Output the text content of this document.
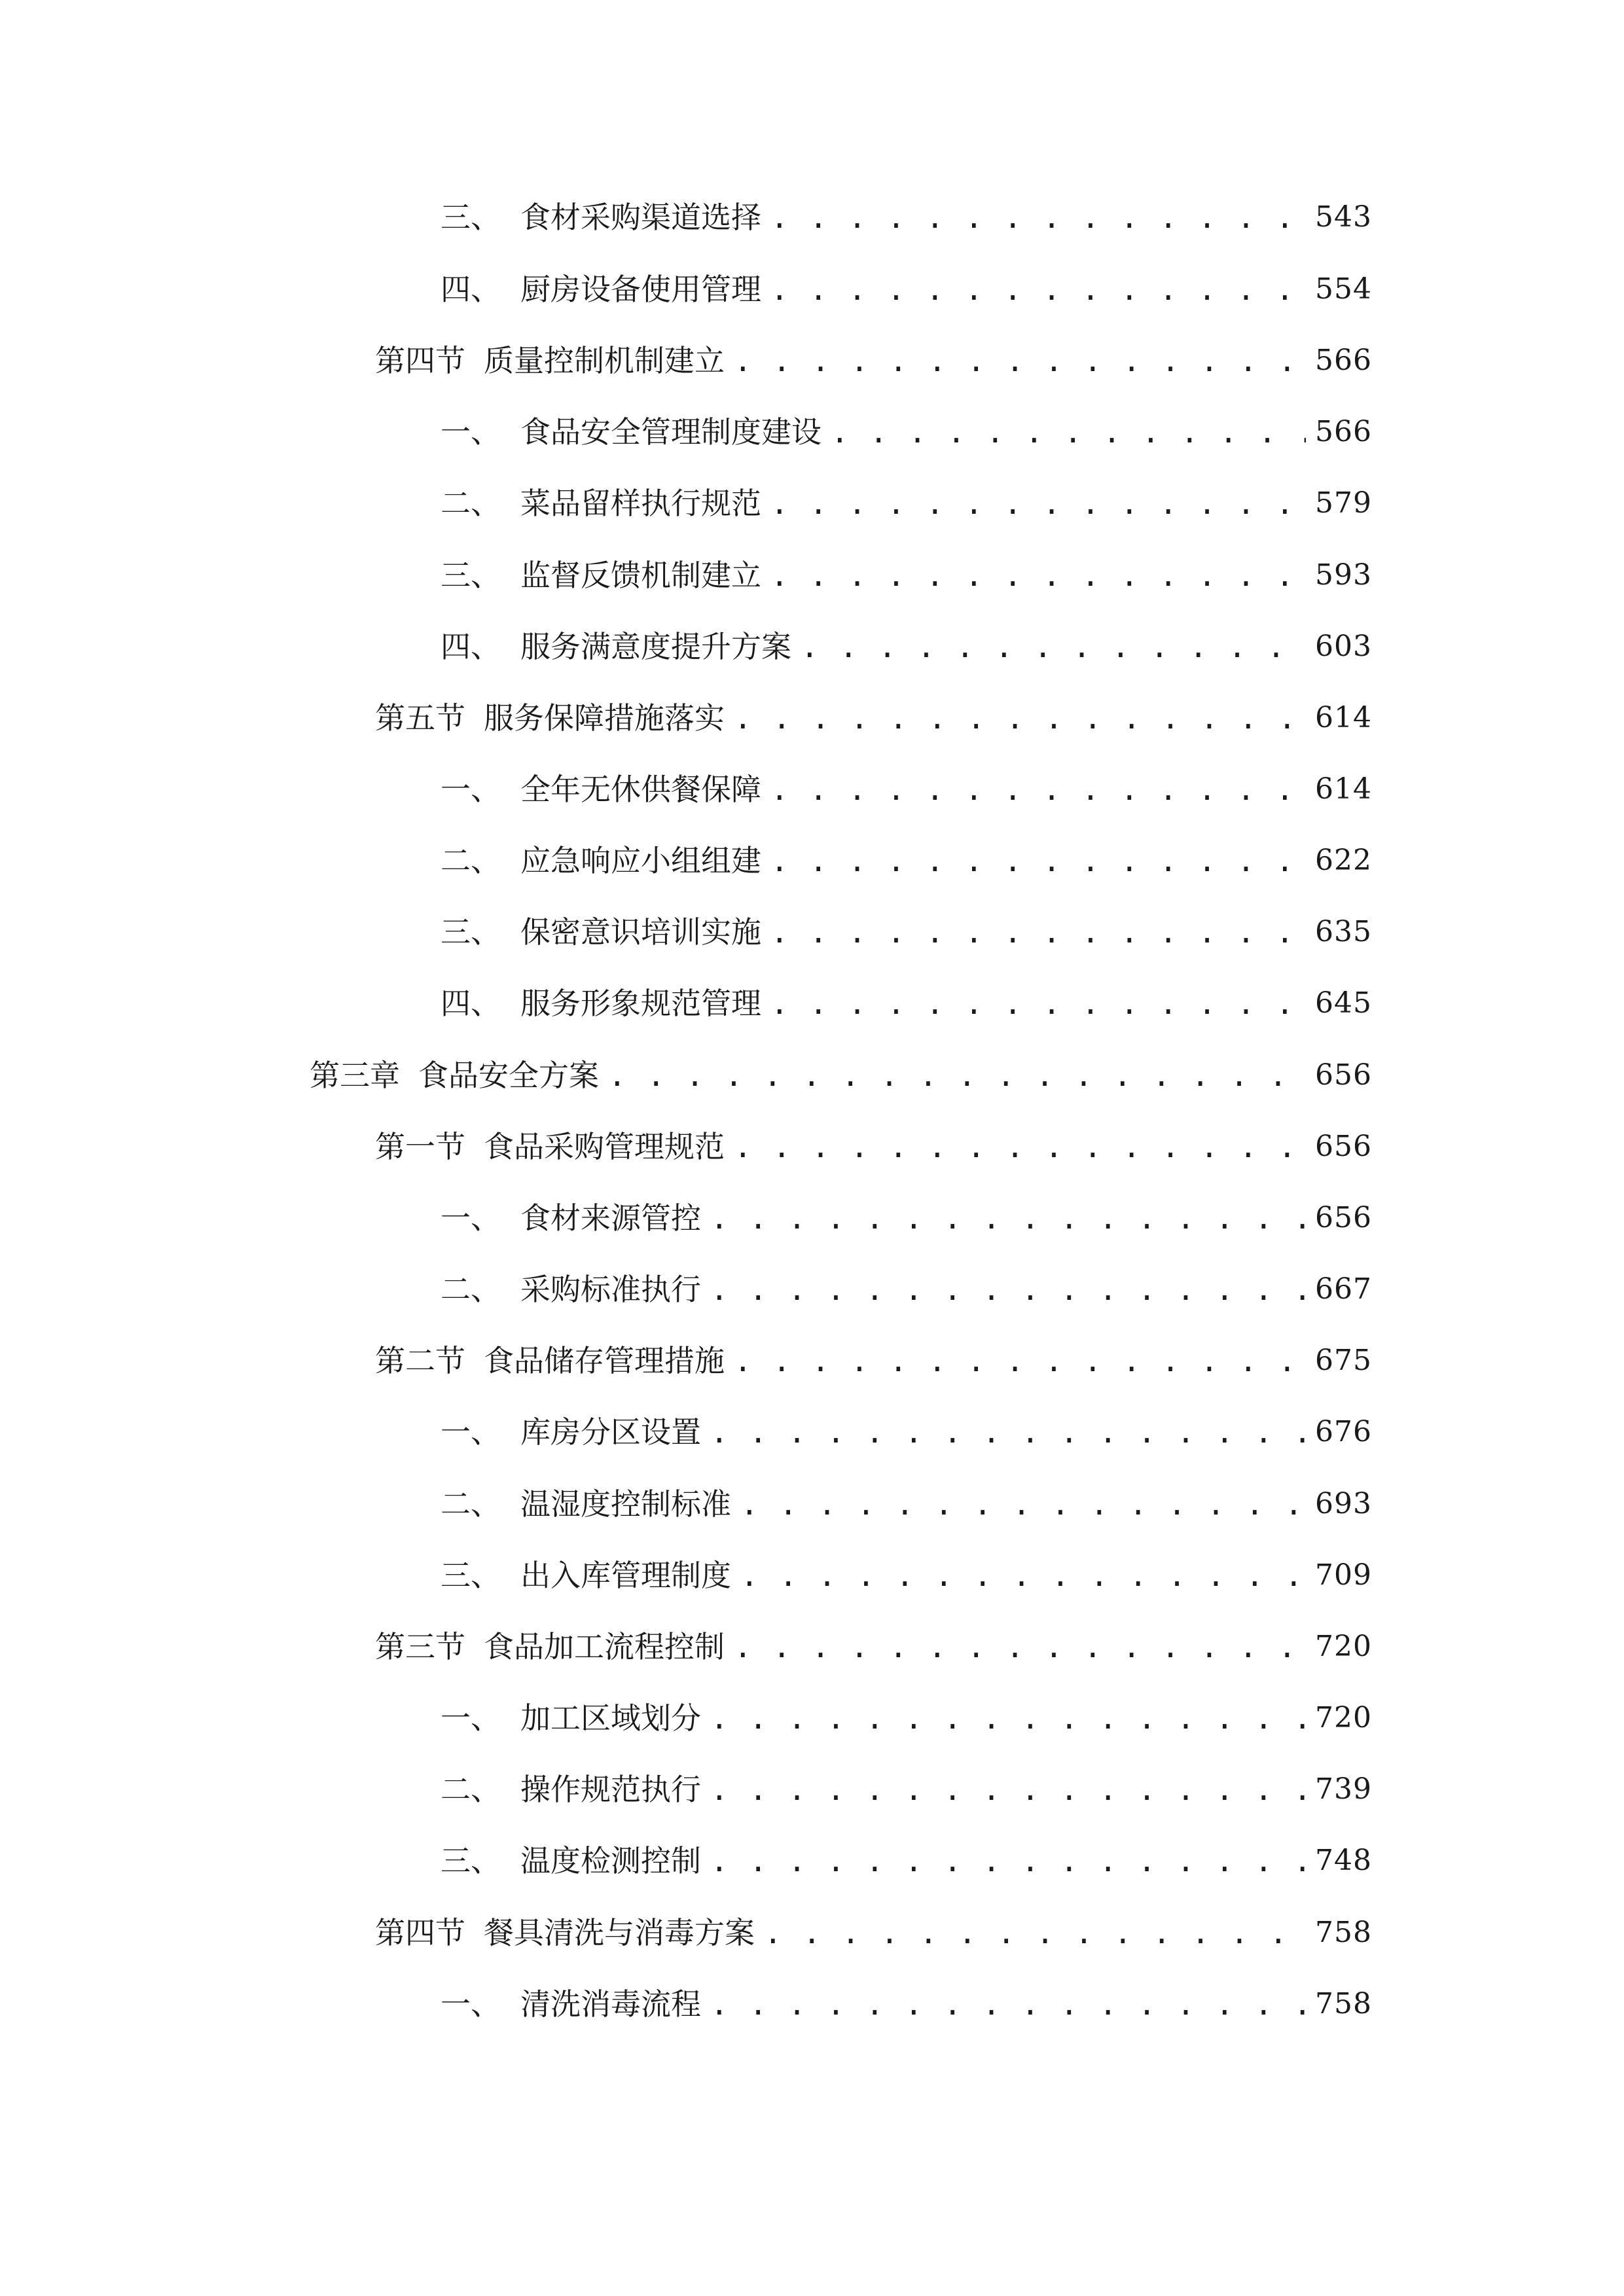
三、 食材采购渠道选择 . . .	543
四、 厨房设备使用管理 . . .	554
第四节 质量控制机制建立 . . .	566
一、 食品安全管理制度建设 . . .	566
二、 菜品留样执行规范 . . .	579
三、 监督反馈机制建立 . . .	593
四、 服务满意度提升方案 . . .	603
第五节 服务保障措施落实 . . .	614
一、 全年无休供餐保障 . . .	614
二、 应急响应小组组建 . . .	622
三、 保密意识培训实施 . . .	635
四、 服务形象规范管理 . . .	645
第三章 食品安全方案 . . .	656
第一节 食品采购管理规范 . . .	656
一、 食材来源管控 . . .	656
二、 采购标准执行 . . .	667
第二节 食品储存管理措施 . . .	675
一、 库房分区设置 . . .	676
二、 温湿度控制标准 . . .	693
三、 出入库管理制度 . . .	709
第三节 食品加工流程控制 . . .	720
一、 加工区域划分 . . .	720
二、 操作规范执行 . . .	739
三、 温度检测控制 . . .	748
第四节 餐具清洗与消毒方案 . . .	758
一、 清洗消毒流程 . . .	758
